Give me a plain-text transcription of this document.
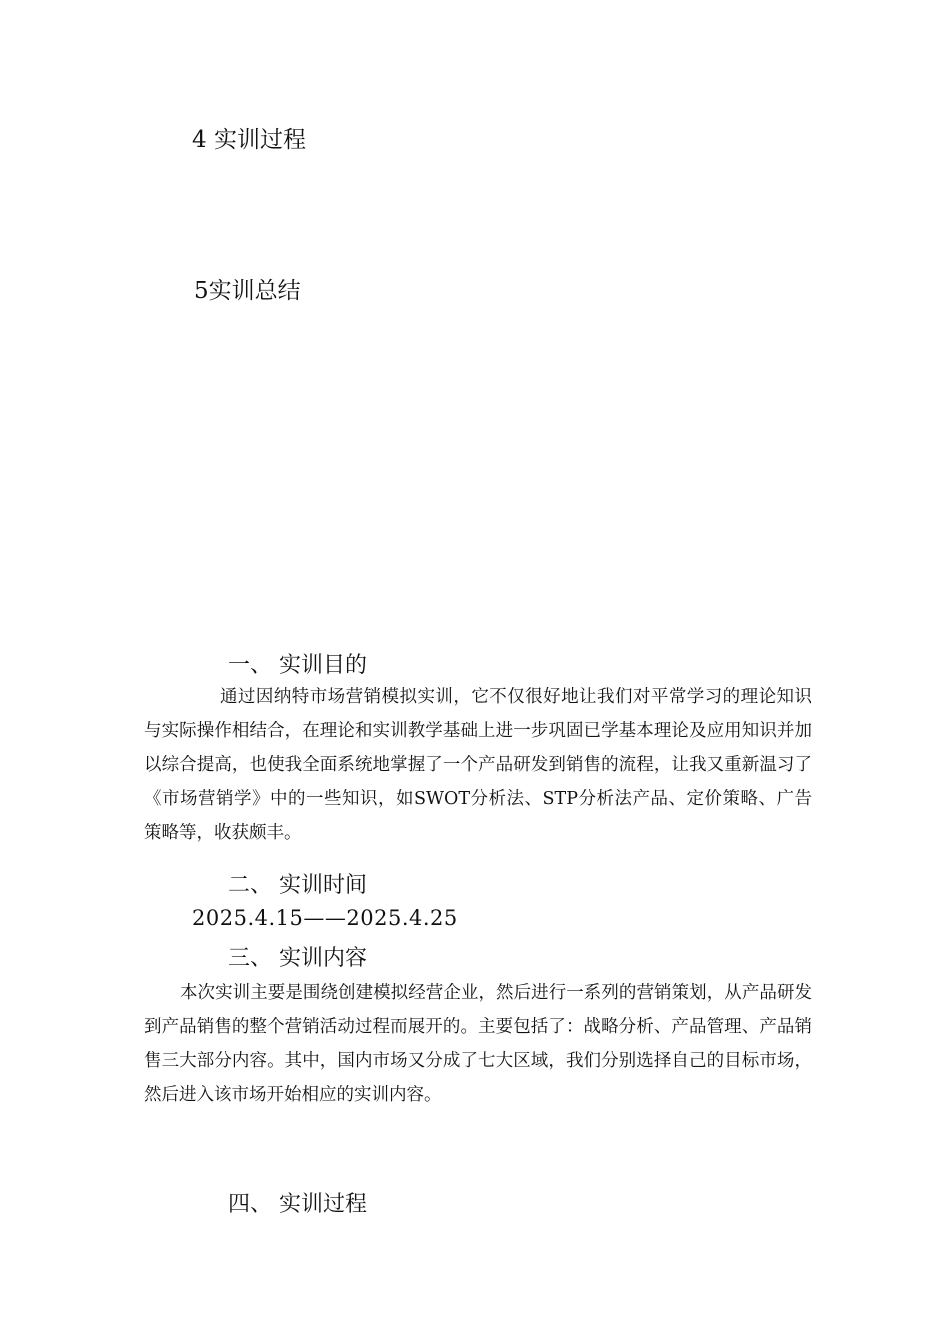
4 实训过程
5实训总结
一、 实训目的
　通过因纳特市场营销模拟实训，它不仅很好地让我们对平常学习的理论知识与实际操作相结合，在理论和实训教学基础上进一步巩固已学基本理论及应用知识并加以综合提高，也使我全面系统地掌握了一个产品研发到销售的流程，让我又重新温习了《市场营销学》中的一些知识，如SWOT分析法、STP分析法产品、定价策略、广告策略等，收获颇丰。
二、 实训时间
2025.4.15——2025.4.25
三、 实训内容
本次实训主要是围绕创建模拟经营企业，然后进行一系列的营销策划，从产品研发到产品销售的整个营销活动过程而展开的。主要包括了：战略分析、产品管理、产品销售三大部分内容。其中，国内市场又分成了七大区域，我们分别选择自己的目标市场，然后进入该市场开始相应的实训内容。
四、 实训过程
